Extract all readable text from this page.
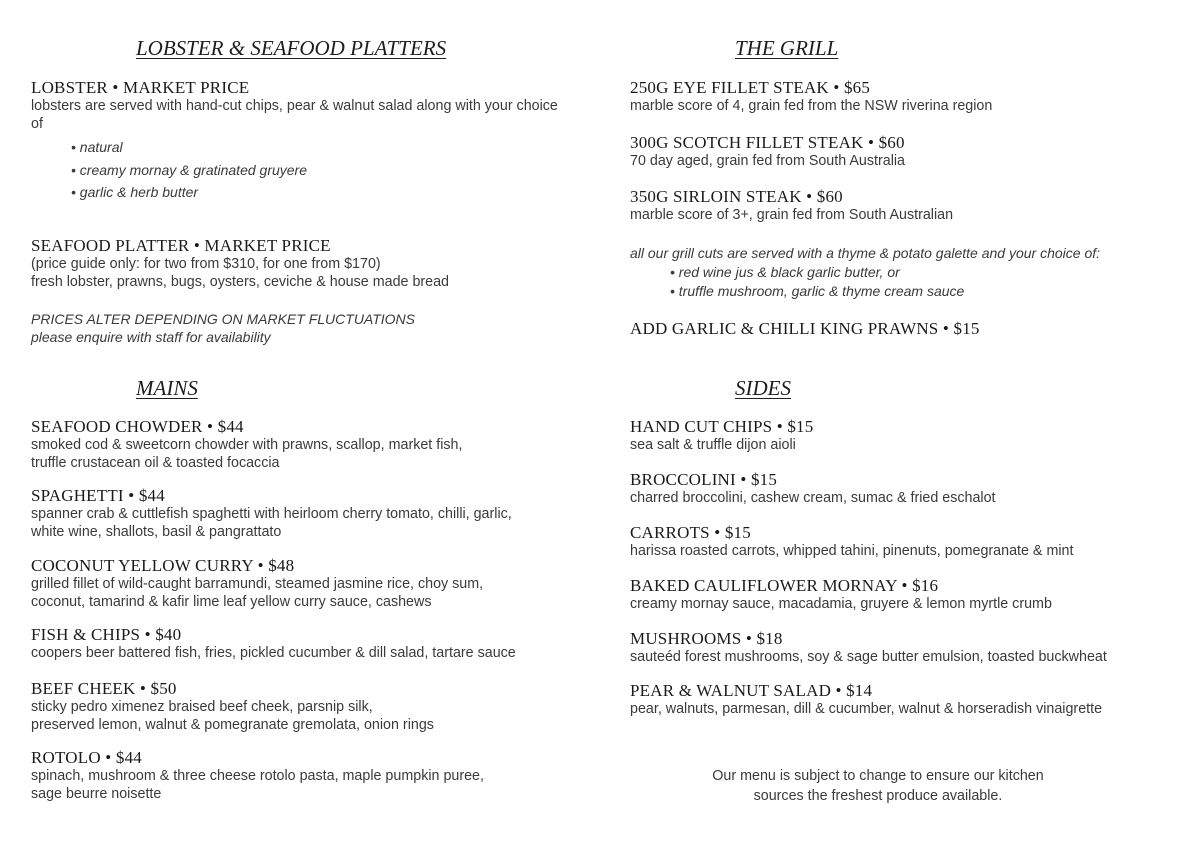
LOBSTER & SEAFOOD PLATTERS
LOBSTER • MARKET PRICE
lobsters are served with hand-cut chips, pear & walnut salad along with your choice of
• natural
• creamy mornay & gratinated gruyere
• garlic & herb butter
SEAFOOD PLATTER • MARKET PRICE
(price guide only: for two from $310, for one from $170)
fresh lobster, prawns, bugs, oysters, ceviche & house made bread
PRICES ALTER DEPENDING ON MARKET FLUCTUATIONS
please enquire with staff for availability
MAINS
SEAFOOD CHOWDER • $44
smoked cod & sweetcorn chowder with prawns, scallop, market fish,
truffle crustacean oil & toasted focaccia
SPAGHETTI • $44
spanner crab & cuttlefish spaghetti with heirloom cherry tomato, chilli, garlic,
white wine, shallots, basil & pangrattato
COCONUT YELLOW CURRY • $48
grilled fillet of wild-caught barramundi, steamed jasmine rice, choy sum,
coconut, tamarind & kafir lime leaf yellow curry sauce, cashews
FISH & CHIPS • $40
coopers beer battered fish, fries, pickled cucumber & dill salad, tartare sauce
BEEF CHEEK • $50
sticky pedro ximenez braised beef cheek, parsnip silk,
preserved lemon, walnut & pomegranate gremolata, onion rings
ROTOLO • $44
spinach, mushroom & three cheese rotolo pasta, maple pumpkin puree,
sage beurre noisette
THE GRILL
250G EYE FILLET STEAK • $65
marble score of 4, grain fed from the NSW riverina region
300G SCOTCH FILLET STEAK • $60
70 day aged, grain fed from South Australia
350G SIRLOIN STEAK • $60
marble score of 3+, grain fed from South Australian
all our grill cuts are served with a thyme & potato galette and your choice of:
• red wine jus & black garlic butter, or
• truffle mushroom, garlic & thyme cream sauce
ADD GARLIC & CHILLI KING PRAWNS • $15
SIDES
HAND CUT CHIPS • $15
sea salt & truffle dijon aioli
BROCCOLINI • $15
charred broccolini, cashew cream, sumac & fried eschalot
CARROTS • $15
harissa roasted carrots, whipped tahini, pinenuts, pomegranate & mint
BAKED CAULIFLOWER MORNAY • $16
creamy mornay sauce, macadamia, gruyere & lemon myrtle crumb
MUSHROOMS • $18
sauteéd forest mushrooms, soy & sage butter emulsion, toasted buckwheat
PEAR & WALNUT SALAD • $14
pear, walnuts, parmesan, dill & cucumber, walnut & horseradish vinaigrette
Our menu is subject to change to ensure our kitchen
sources the freshest produce available.
